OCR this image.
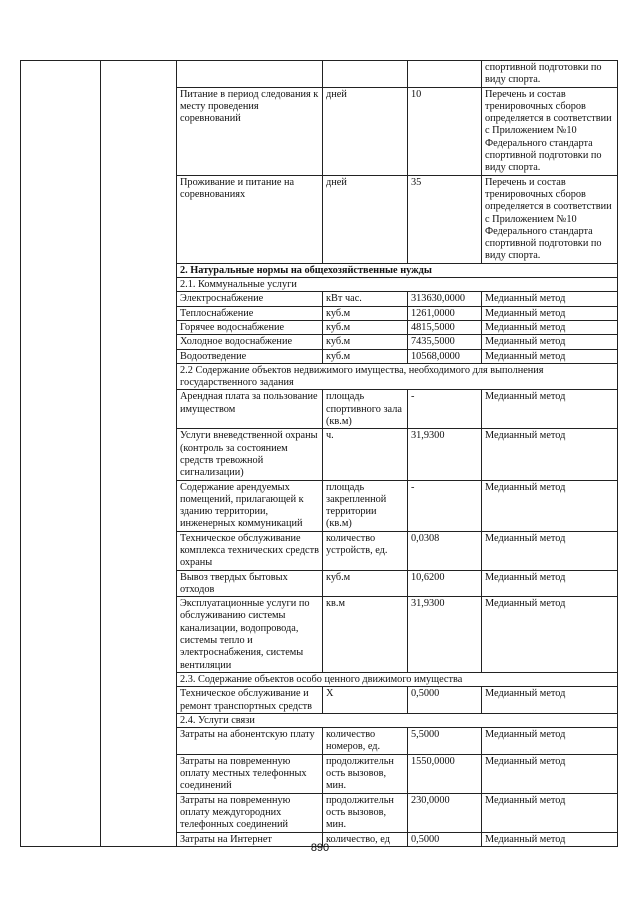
					спортивной подготовки по виду спорта.
		Питание в период следования к месту проведения соревнований	дней	10	Перечень и состав тренировочных сборов определяется в соответствии с Приложением №10 Федерального стандарта спортивной подготовки по виду спорта.
		Проживание и питание на соревнованиях	дней	35	Перечень и состав тренировочных сборов определяется в соответствии с Приложением №10 Федерального стандарта спортивной подготовки по виду спорта.
		2. Натуральные нормы на общехозяйственные нужды			
		2.1. Коммунальные услуги			
		Электроснабжение	кВт час.	313630,0000	Медианный метод
		Теплоснабжение	куб.м	1261,0000	Медианный метод
		Горячее водоснабжение	куб.м	4815,5000	Медианный метод
		Холодное водоснабжение	куб.м	7435,5000	Медианный метод
		Водоотведение	куб.м	10568,0000	Медианный метод
		2.2 Содержание объектов недвижимого имущества, необходимого для выполнения государственного задания			
		Арендная плата за пользование имуществом	площадь спортивного зала (кв.м)	-	Медианный метод
		Услуги вневедственной охраны (контроль за состоянием средств тревожной сигнализации)	ч.	31,9300	Медианный метод
		Содержание арендуемых помещений, прилагающей к зданию территории, инженерных коммуникаций	площадь закрепленной территории (кв.м)	-	Медианный метод
		Техническое обслуживание комплекса технических средств охраны	количество устройств, ед.	0,0308	Медианный метод
		Вывоз твердых бытовых отходов	куб.м	10,6200	Медианный метод
		Эксплуатационные услуги по обслуживанию системы канализации, водопровода, системы тепло и электроснабжения, системы вентиляции	кв.м	31,9300	Медианный метод
		2.3. Содержание объектов особо ценного движимого имущества			
		Техническое обслуживание и ремонт транспортных средств	Х	0,5000	Медианный метод
		2.4. Услуги связи			
		Затраты на абонентскую плату	количество номеров, ед.	5,5000	Медианный метод
		Затраты на повременную оплату местных телефонных соединений	продолжительн ость вызовов, мин.	1550,0000	Медианный метод
		Затраты на повременную оплату междугородних телефонных соединений	продолжительн ость вызовов, мин.	230,0000	Медианный метод
		Затраты на Интернет	количество, ед	0,5000	Медианный метод
890
